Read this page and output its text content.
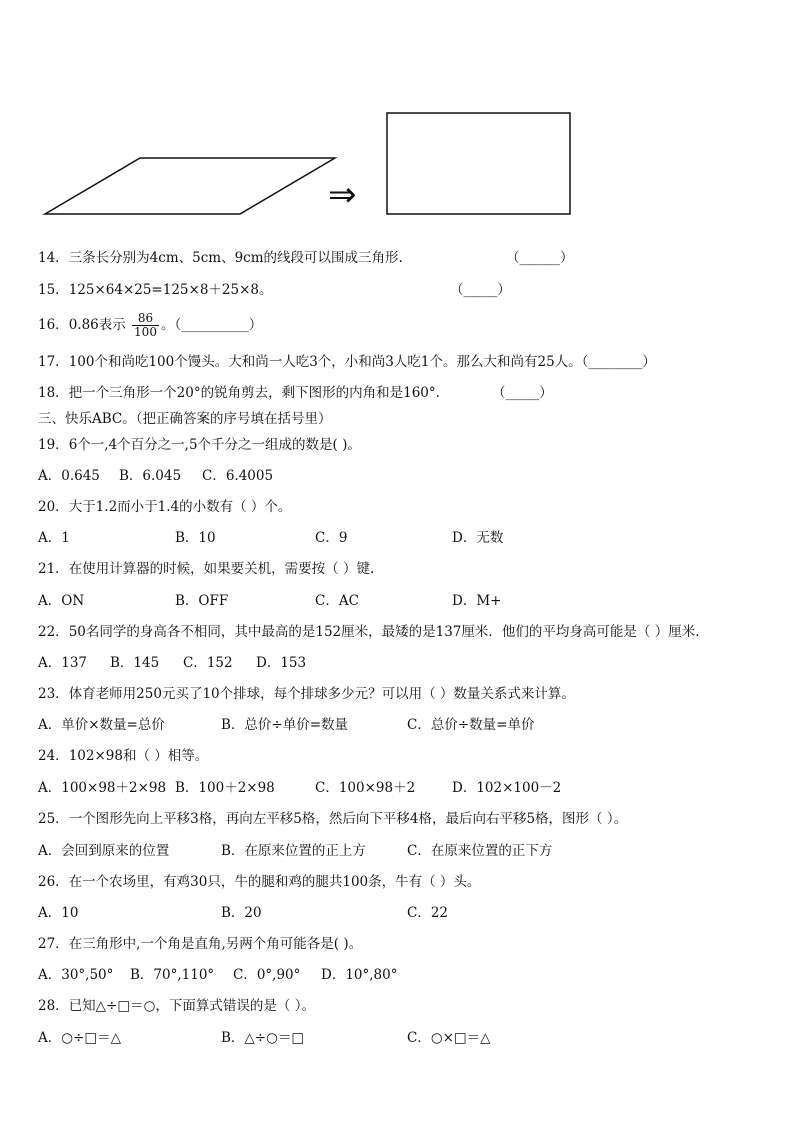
⇒
14．三条长分别为4cm、5cm、9cm的线段可以围成三角形.	（______）
15．125×64×25=125×8＋25×8。	（_____）
16．0.86表示 $\frac{86}{100}$ 。（__________）
17．100个和尚吃100个馒头。大和尚一人吃3个，小和尚3人吃1个。那么大和尚有25人。（________）
18．把一个三角形一个20°的锐角剪去，剩下图形的内角和是160°.	（_____）
三、快乐ABC。（把正确答案的序号填在括号里）
19．6个一,4个百分之一,5个千分之一组成的数是( )。
A．0.645 B．6.045 C．6.4005
20．大于1.2而小于1.4的小数有（ ）个。
A．1	B．10	C．9	D．无数
21．在使用计算器的时候，如果要关机，需要按（ ）键.
A．ON	B．OFF	C．AC	D．M+
22．50名同学的身高各不相同，其中最高的是152厘米，最矮的是137厘米．他们的平均身高可能是（ ）厘米.
A．137 B．145 C．152 D．153
23．体育老师用250元买了10个排球，每个排球多少元？可以用（ ）数量关系式来计算。
A．单价×数量=总价	B．总价÷单价=数量	C．总价÷数量=单价
24．102×98和（ ）相等。
A．100×98＋2×98 B．100＋2×98	C．100×98＋2	D．102×100－2
25．一个图形先向上平移3格，再向左平移5格，然后向下平移4格，最后向右平移5格，图形（ ）。
A．会回到原来的位置	B．在原来位置的正上方	C．在原来位置的正下方
26．在一个农场里，有鸡30只，牛的腿和鸡的腿共100条，牛有（ ）头。
A．10	B．20	C．22
27．在三角形中,一个角是直角,另两个角可能各是( )。
A．30°,50° B．70°,110° C．0°,90° D．10°,80°
28．已知△÷□＝○，下面算式错误的是（ ）。
A．○÷□＝△	B．△÷○＝□	C．○×□＝△
